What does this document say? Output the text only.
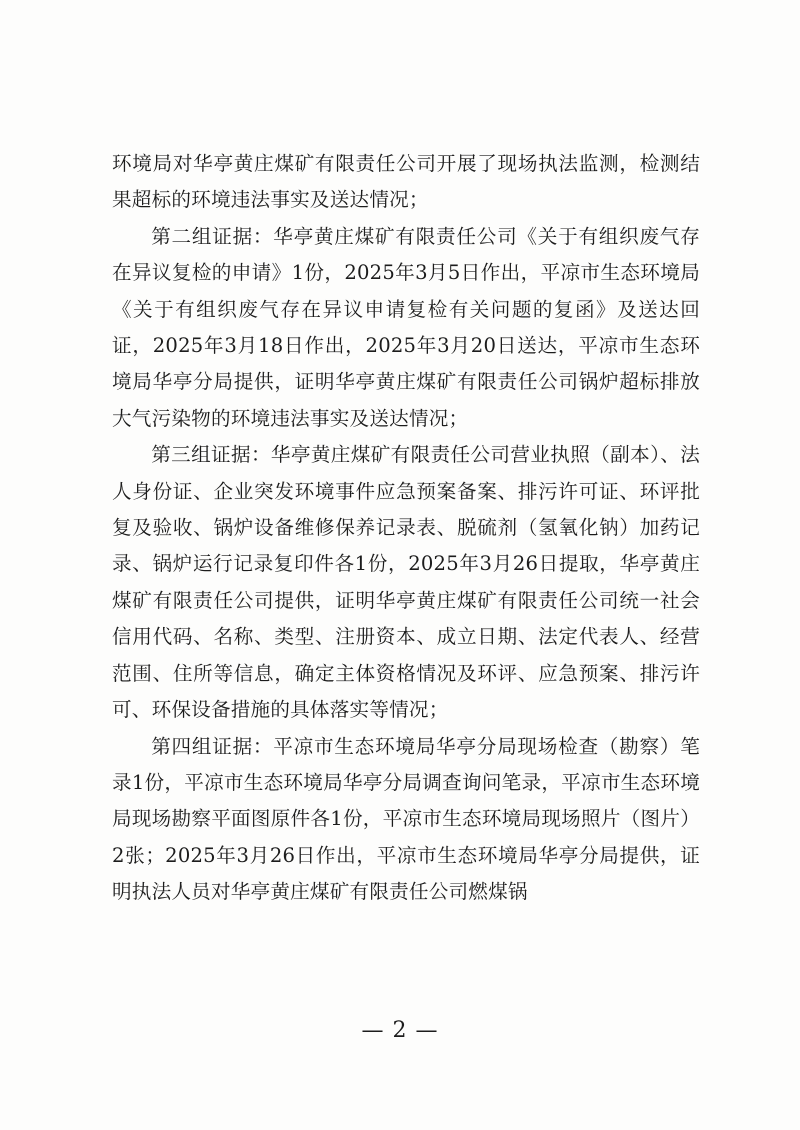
环境局对华亭黄庄煤矿有限责任公司开展了现场执法监测，检测结果超标的环境违法事实及送达情况；

第二组证据：华亭黄庄煤矿有限责任公司《关于有组织废气存在异议复检的申请》1份，2025年3月5日作出，平凉市生态环境局《关于有组织废气存在异议申请复检有关问题的复函》及送达回证，2025年3月18日作出，2025年3月20日送达，平凉市生态环境局华亭分局提供，证明华亭黄庄煤矿有限责任公司锅炉超标排放大气污染物的环境违法事实及送达情况；

第三组证据：华亭黄庄煤矿有限责任公司营业执照（副本）、法人身份证、企业突发环境事件应急预案备案、排污许可证、环评批复及验收、锅炉设备维修保养记录表、脱硫剂（氢氧化钠）加药记录、锅炉运行记录复印件各1份，2025年3月26日提取，华亭黄庄煤矿有限责任公司提供，证明华亭黄庄煤矿有限责任公司统一社会信用代码、名称、类型、注册资本、成立日期、法定代表人、经营范围、住所等信息，确定主体资格情况及环评、应急预案、排污许可、环保设备措施的具体落实等情况；

第四组证据：平凉市生态环境局华亭分局现场检查（勘察）笔录1份，平凉市生态环境局华亭分局调查询问笔录，平凉市生态环境局现场勘察平面图原件各1份，平凉市生态环境局现场照片（图片）2张；2025年3月26日作出，平凉市生态环境局华亭分局提供，证明执法人员对华亭黄庄煤矿有限责任公司燃煤锅

— 2 —
